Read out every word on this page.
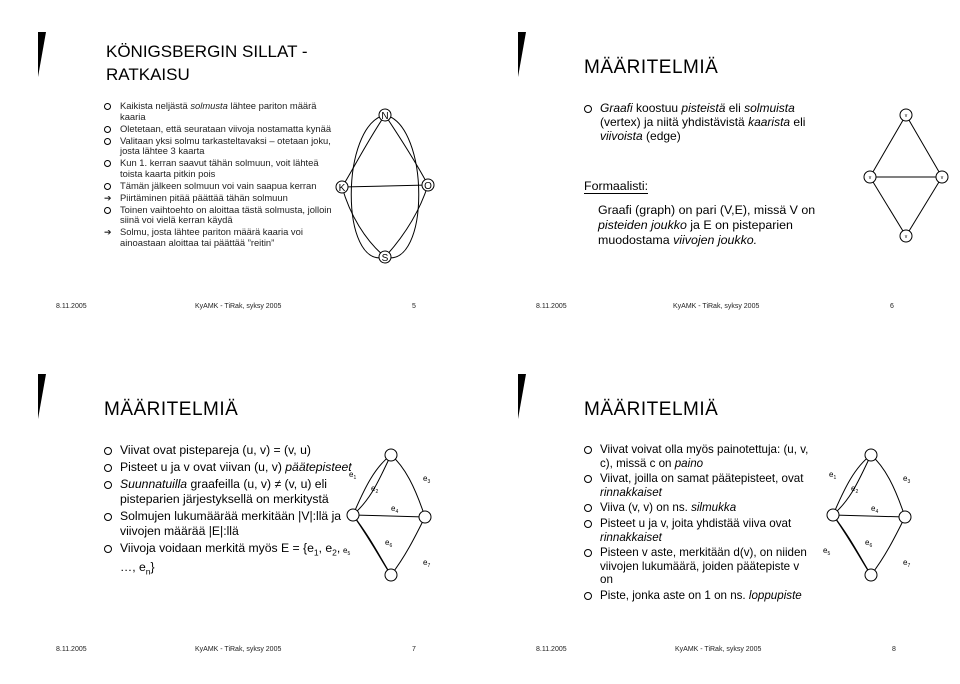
KÖNIGSBERGIN SILLAT -
RATKAISU
Kaikista neljästä solmusta lähtee pariton määrä kaaria
Oletetaan, että seurataan viivoja nostamatta kynää
Valitaan yksi solmu tarkasteltavaksi – otetaan joku, josta lähtee 3 kaarta
Kun 1. kerran saavut tähän solmuun, voit lähteä toista kaarta pitkin pois
Tämän jälkeen solmuun voi vain saapua kerran
➔ Piirtäminen pitää päättää tähän solmuun
Toinen vaihtoehto on aloittaa tästä solmusta, jolloin siinä voi vielä kerran käydä
➔ Solmu, josta lähtee pariton määrä kaaria voi ainoastaan aloittaa tai päättää ”reitin”
N
K	O
S
8.11.2005	KyAMK - TiRak, syksy 2005	5
MÄÄRITELMIÄ
Graafi koostuu pisteistä eli solmuista (vertex) ja niitä yhdistävistä kaarista eli viivoista (edge)
Formaalisti:
Graafi (graph) on pari (V,E), missä V on pisteiden joukko ja E on pisteparien muodostama viivojen joukko.
v
v	v
v
8.11.2005	KyAMK - TiRak, syksy 2005	6
MÄÄRITELMIÄ
Viivat ovat pistepareja (u, v) = (v, u)
Pisteet u ja v ovat viivan (u, v) päätepisteet
Suunnatuilla graafeilla (u, v) ≠ (v, u) eli pisteparien järjestyksellä on merkitystä
Solmujen lukumäärää merkitään |V|:llä ja viivojen määrää |E|:llä
Viivoja voidaan merkitä myös $E = \{e_1$, $e_2$, …, $e_n$}
$e_1$
$e_2$
$e_3$
$e_4$
$e_5$
$e_6$
$e_7$
8.11.2005	KyAMK - TiRak, syksy 2005	7
MÄÄRITELMIÄ
Viivat voivat olla myös painotettuja: (u, v, c), missä c on paino
Viivat, joilla on samat päätepisteet, ovat rinnakkaiset
Viiva (v, v) on ns. silmukka
Pisteet u ja v, joita yhdistää viiva ovat rinnakkaiset
Pisteen v aste, merkitään d(v), on niiden viivojen lukumäärä, joiden päätepiste v on
Piste, jonka aste on 1 on ns. loppupiste
$e_1$
$e_2$
$e_3$
$e_4$
$e_5$
$e_6$
$e_7$
8.11.2005	KyAMK - TiRak, syksy 2005	8
